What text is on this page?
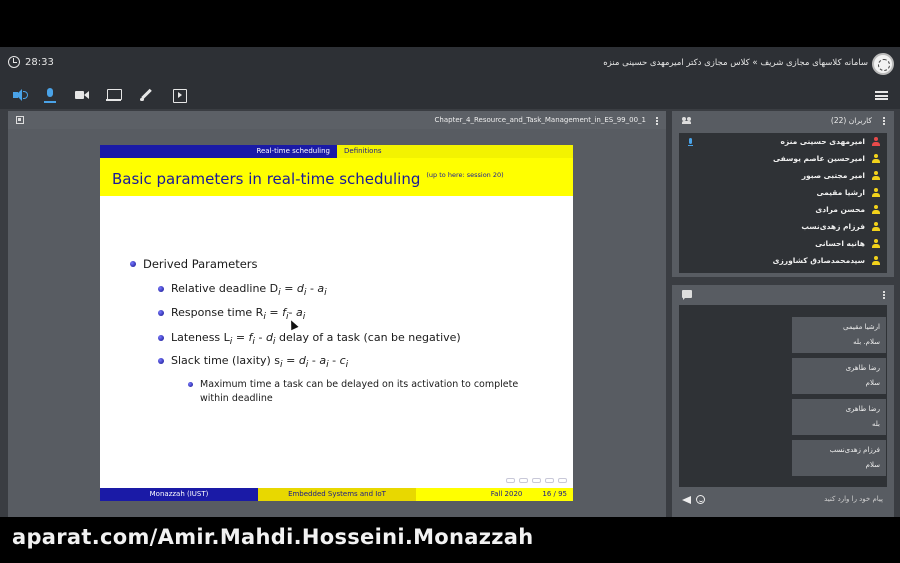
28:33	سامانه کلاسهای مجازی شریف » کلاس مجازی دکتر امیرمهدی حسینی منزه
Chapter_4_Resource_and_Task_Management_in_ES_99_00_1
Real-time scheduling	Definitions
Basic parameters in real-time scheduling $^{(up to here: session 20)}$
Derived Parameters
Relative deadline $D_i = d_i - a_i$
Response time $R_i = f_i-$ $a_i$
Lateness $L_i = f_i - d_i$ delay of a task (can be negative)
Slack time (laxity) $s_i = d_i - a_i - c_i$
Maximum time a task can be delayed on its activation to complete within deadline
Monazzah (IUST)	Embedded Systems and IoT	Fall 2020	16 / 95
کاربران (22)
امیرمهدی حسینی منزه
امیرحسین عاصم یوسفی
امیر مجتبی صبور
ارشیا مقیمی
محسن مرادی
فرزام زهدی‌نسب
هانیه احسانی
سیدمحمدصادق کشاورزی
ارشیا مقیمی
سلام. بله
رضا طاهری
سلام
رضا طاهری
بله
فرزام زهدی‌نسب
سلام
پیام خود را وارد کنید
aparat.com/Amir.Mahdi.Hosseini.Monazzah
